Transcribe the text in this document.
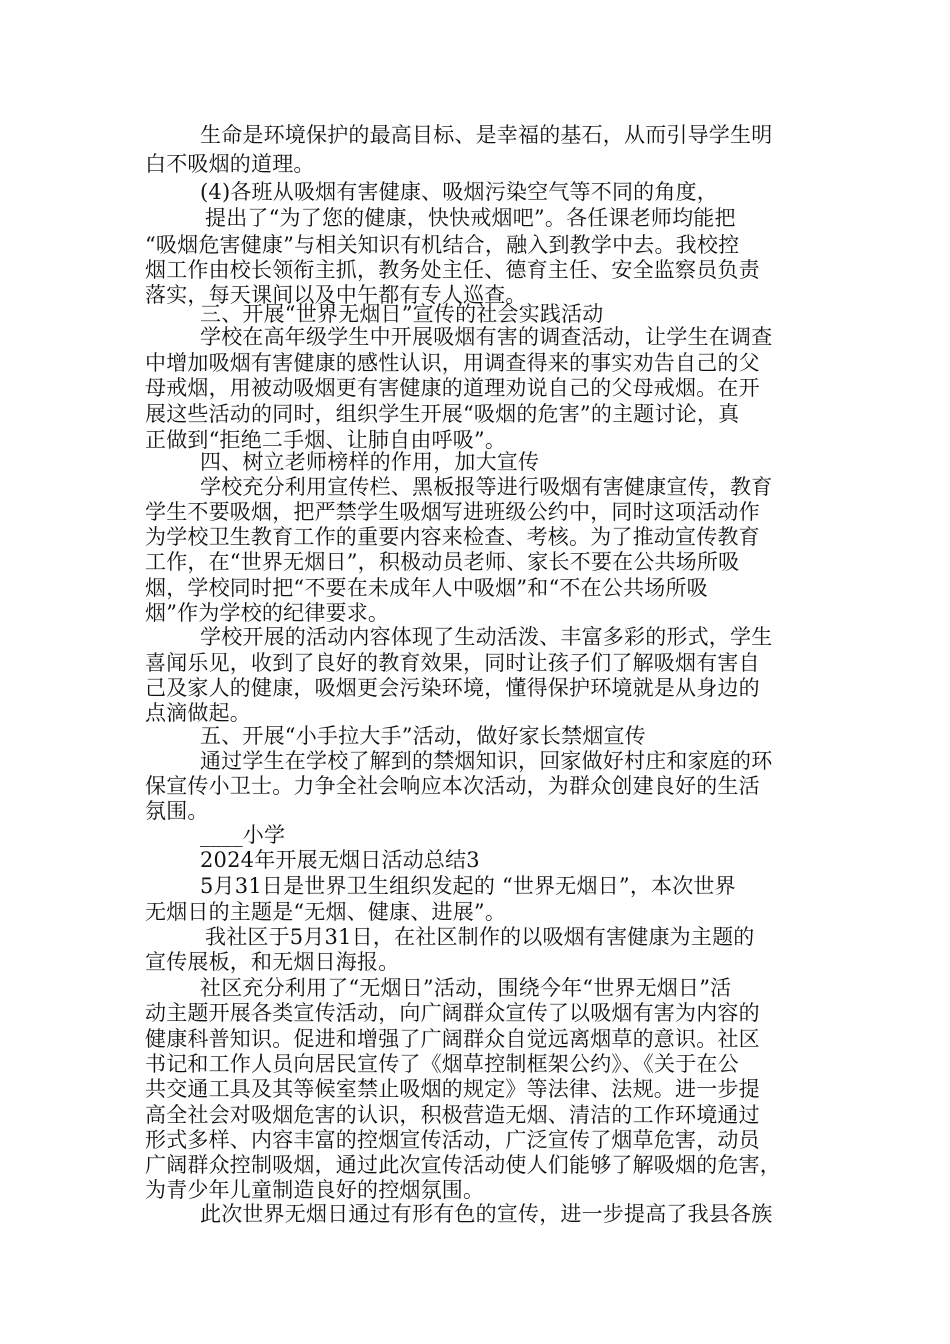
生命是环境保护的最高目标、是幸福的基石，从而引导学生明
白不吸烟的道理。
(4)各班从吸烟有害健康、吸烟污染空气等不同的角度，
提出了“为了您的健康，快快戒烟吧”。各任课老师均能把
“吸烟危害健康”与相关知识有机结合，融入到教学中去。我校控
烟工作由校长领衔主抓，教务处主任、德育主任、安全监察员负责
落实，每天课间以及中午都有专人巡查。
三、开展“世界无烟日”宣传的社会实践活动
学校在高年级学生中开展吸烟有害的调查活动，让学生在调查
中增加吸烟有害健康的感性认识，用调查得来的事实劝告自己的父
母戒烟，用被动吸烟更有害健康的道理劝说自己的父母戒烟。在开
展这些活动的同时，组织学生开展“吸烟的危害”的主题讨论，真
正做到“拒绝二手烟、让肺自由呼吸”。
四、树立老师榜样的作用，加大宣传
学校充分利用宣传栏、黑板报等进行吸烟有害健康宣传，教育
学生不要吸烟，把严禁学生吸烟写进班级公约中，同时这项活动作
为学校卫生教育工作的重要内容来检查、考核。为了推动宣传教育
工作，在“世界无烟日”，积极动员老师、家长不要在公共场所吸
烟，学校同时把“不要在未成年人中吸烟”和“不在公共场所吸
烟”作为学校的纪律要求。
学校开展的活动内容体现了生动活泼、丰富多彩的形式，学生
喜闻乐见，收到了良好的教育效果，同时让孩子们了解吸烟有害自
己及家人的健康，吸烟更会污染环境，懂得保护环境就是从身边的
点滴做起。
五、开展“小手拉大手”活动，做好家长禁烟宣传
通过学生在学校了解到的禁烟知识，回家做好村庄和家庭的环
保宣传小卫士。力争全社会响应本次活动，为群众创建良好的生活
氛围。
____小学
2024年开展无烟日活动总结3
5月31日是世界卫生组织发起的 “世界无烟日”，本次世界
无烟日的主题是“无烟、健康、进展”。
我社区于5月31日，在社区制作的以吸烟有害健康为主题的
宣传展板，和无烟日海报。
社区充分利用了“无烟日”活动，围绕今年“世界无烟日”活
动主题开展各类宣传活动，向广阔群众宣传了以吸烟有害为内容的
健康科普知识。促进和增强了广阔群众自觉远离烟草的意识。社区
书记和工作人员向居民宣传了《烟草控制框架公约》、《关于在公
共交通工具及其等候室禁止吸烟的规定》等法律、法规。进一步提
高全社会对吸烟危害的认识，积极营造无烟、清洁的工作环境通过
形式多样、内容丰富的控烟宣传活动，广泛宣传了烟草危害，动员
广阔群众控制吸烟，通过此次宣传活动使人们能够了解吸烟的危害，
为青少年儿童制造良好的控烟氛围。
此次世界无烟日通过有形有色的宣传，进一步提高了我县各族
